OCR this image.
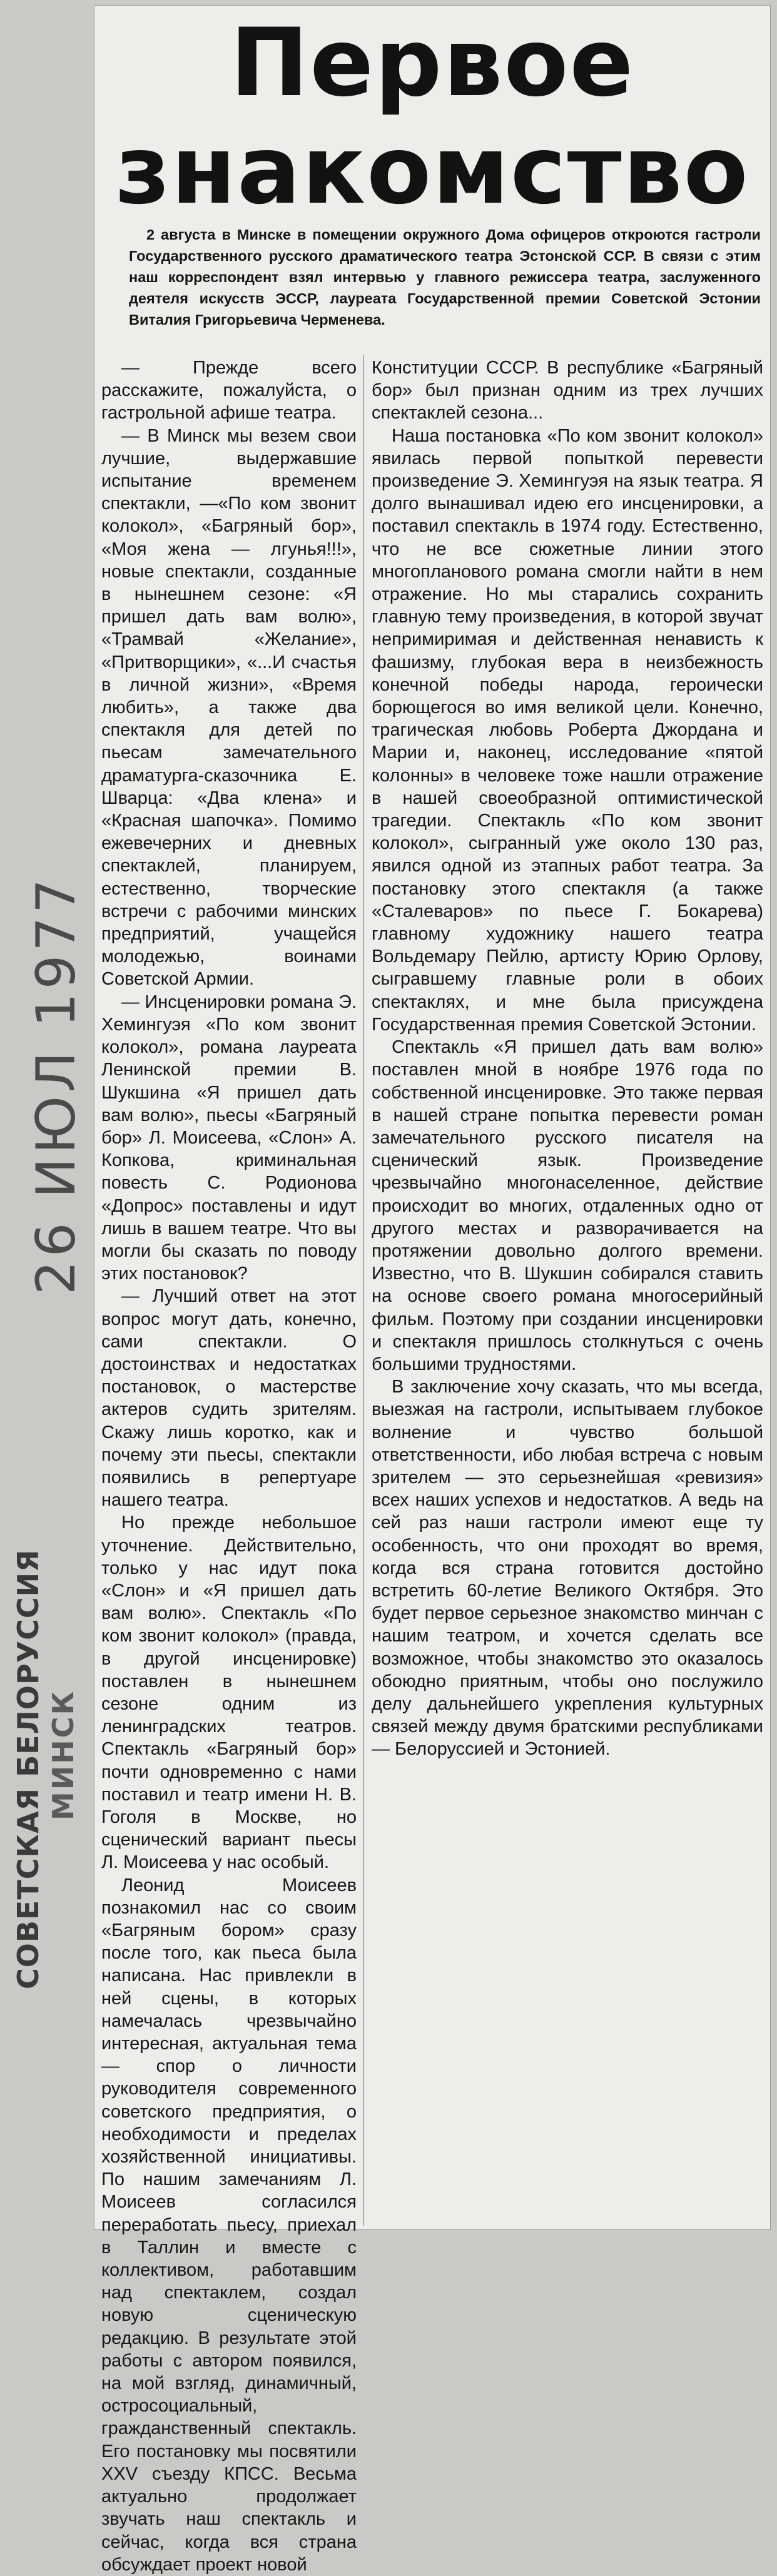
Первое
знакомство

2 августа в Минске в помещении окружного Дома офицеров откроются гастроли Государственного русского драматического театра Эстонской ССР. В связи с этим наш корреспондент взял интервью у главного режиссера театра, заслуженного деятеля искусств ЭССР, лауреата Государственной премии Советской Эстонии Виталия Григорьевича Черменева.

— Прежде всего расскажите, пожалуйста, о гастрольной афише театра.

— В Минск мы везем свои лучшие, выдержавшие испытание временем спектакли, —«По ком звонит колокол», «Багряный бор», «Моя жена — лгунья!!!», новые спектакли, созданные в нынешнем сезоне: «Я пришел дать вам волю», «Трамвай «Желание», «Притворщики», «...И счастья в личной жизни», «Время любить», а также два спектакля для детей по пьесам замечательного драматурга-сказочника Е. Шварца: «Два клена» и «Красная шапочка». Помимо ежевечерних и дневных спектаклей, планируем, естественно, творческие встречи с рабочими минских предприятий, учащейся молодежью, воинами Советской Армии.

— Инсценировки романа Э. Хемингуэя «По ком звонит колокол», романа лауреата Ленинской премии В. Шукшина «Я пришел дать вам волю», пьесы «Багряный бор» Л. Моисеева, «Слон» А. Копкова, криминальная повесть С. Родионова «Допрос» поставлены и идут лишь в вашем театре. Что вы могли бы сказать по поводу этих постановок?

— Лучший ответ на этот вопрос могут дать, конечно, сами спектакли. О достоинствах и недостатках постановок, о мастерстве актеров судить зрителям. Скажу лишь коротко, как и почему эти пьесы, спектакли появились в репертуаре нашего театра.

Но прежде небольшое уточнение. Действительно, только у нас идут пока «Слон» и «Я пришел дать вам волю». Спектакль «По ком звонит колокол» (правда, в другой инсценировке) поставлен в нынешнем сезоне одним из ленинградских театров. Спектакль «Багряный бор» почти одновременно с нами поставил и театр имени Н. В. Гоголя в Москве, но сценический вариант пьесы Л. Моисеева у нас особый.

Леонид Моисеев познакомил нас со своим «Багряным бором» сразу после того, как пьеса была написана. Нас привлекли в ней сцены, в которых намечалась чрезвычайно интересная, актуальная тема — спор о личности руководителя современного советского предприятия, о необходимости и пределах хозяйственной инициативы. По нашим замечаниям Л. Моисеев согласился переработать пьесу, приехал в Таллин и вместе с коллективом, работавшим над спектаклем, создал новую сценическую редакцию. В результате этой работы с автором появился, на мой взгляд, динамичный, остросоциальный, гражданственный спектакль. Его постановку мы посвятили XXV съезду КПСС. Весьма актуально продолжает звучать наш спектакль и сейчас, когда вся страна обсуждает проект новой

Конституции СССР. В республике «Багряный бор» был признан одним из трех лучших спектаклей сезона...

Наша постановка «По ком звонит колокол» явилась первой попыткой перевести произведение Э. Хемингуэя на язык театра. Я долго вынашивал идею его инсценировки, а поставил спектакль в 1974 году. Естественно, что не все сюжетные линии этого многопланового романа смогли найти в нем отражение. Но мы старались сохранить главную тему произведения, в которой звучат непримиримая и действенная ненависть к фашизму, глубокая вера в неизбежность конечной победы народа, героически борющегося во имя великой цели. Конечно, трагическая любовь Роберта Джордана и Марии и, наконец, исследование «пятой колонны» в человеке тоже нашли отражение в нашей своеобразной оптимистической трагедии. Спектакль «По ком звонит колокол», сыгранный уже около 130 раз, явился одной из этапных работ театра. За постановку этого спектакля (а также «Сталеваров» по пьесе Г. Бокарева) главному художнику нашего театра Вольдемару Пейлю, артисту Юрию Орлову, сыгравшему главные роли в обоих спектаклях, и мне была присуждена Государственная премия Советской Эстонии.

Спектакль «Я пришел дать вам волю» поставлен мной в ноябре 1976 года по собственной инсценировке. Это также первая в нашей стране попытка перевести роман замечательного русского писателя на сценический язык. Произведение чрезвычайно многонаселенное, действие происходит во многих, отдаленных одно от другого местах и разворачивается на протяжении довольно долгого времени. Известно, что В. Шукшин собирался ставить на основе своего романа многосерийный фильм. Поэтому при создании инсценировки и спектакля пришлось столкнуться с очень большими трудностями.

В заключение хочу сказать, что мы всегда, выезжая на гастроли, испытываем глубокое волнение и чувство большой ответственности, ибо любая встреча с новым зрителем — это серьезнейшая «ревизия» всех наших успехов и недостатков. А ведь на сей раз наши гастроли имеют еще ту особенность, что они проходят во время, когда вся страна готовится достойно встретить 60-летие Великого Октября. Это будет первое серьезное знакомство минчан с нашим театром, и хочется сделать все возможное, чтобы знакомство это оказалось обоюдно приятным, чтобы оно послужило делу дальнейшего укрепления культурных связей между двумя братскими республиками — Белоруссией и Эстонией.

26 ИЮЛ 1977
СОВЕТСКАЯ БЕЛОРУССИЯ МИНСК
